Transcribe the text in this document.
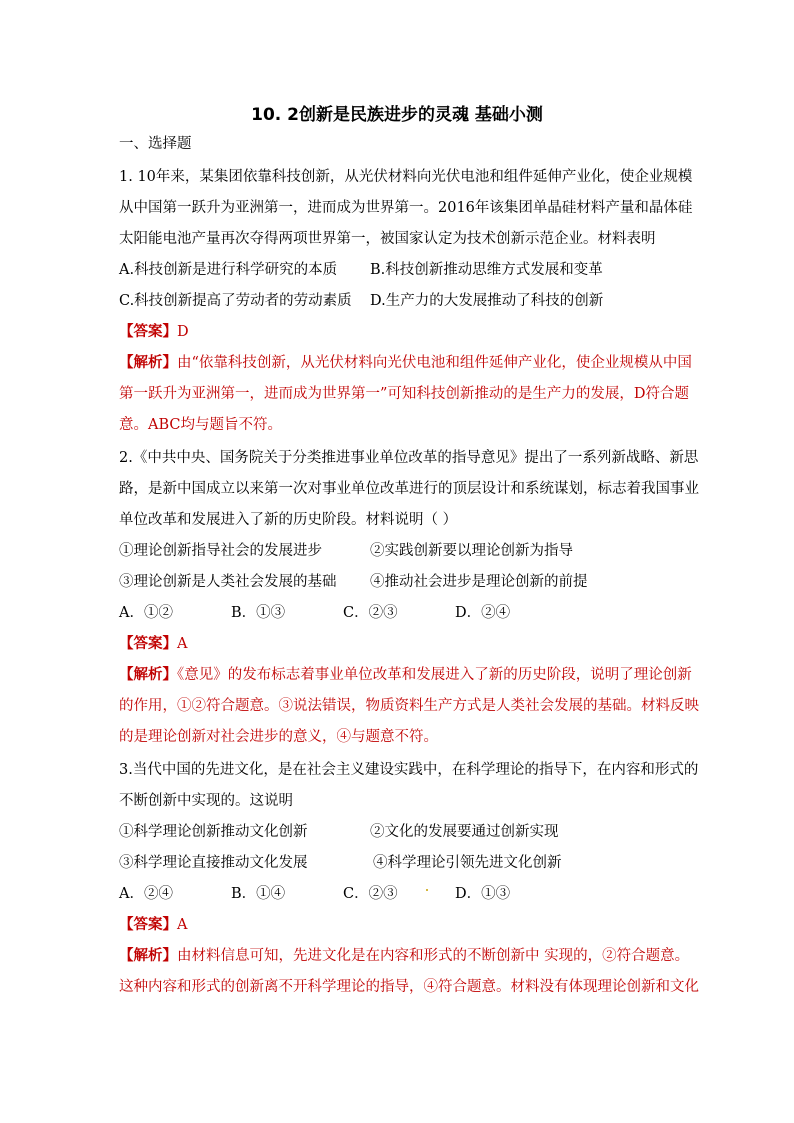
10. 2创新是民族进步的灵魂 基础小测
一、选择题
1. 10年来，某集团依靠科技创新，从光伏材料向光伏电池和组件延伸产业化，使企业规模
从中国第一跃升为亚洲第一，进而成为世界第一。2016年该集团单晶硅材料产量和晶体硅
太阳能电池产量再次夺得两项世界第一，被国家认定为技术创新示范企业。材料表明
A.科技创新是进行科学研究的本质 B.科技创新推动思维方式发展和变革
C.科技创新提高了劳动者的劳动素质 D.生产力的大发展推动了科技的创新
【答案】D
【解析】由“依靠科技创新，从光伏材料向光伏电池和组件延伸产业化，使企业规模从中国
第一跃升为亚洲第一，进而成为世界第一”可知科技创新推动的是生产力的发展，D符合题
意。ABC均与题旨不符。
2.《中共中央、国务院关于分类推进事业单位改革的指导意见》提出了一系列新战略、新思
路，是新中国成立以来第一次对事业单位改革进行的顶层设计和系统谋划，标志着我国事业
单位改革和发展进入了新的历史阶段。材料说明（ ）
①理论创新指导社会的发展进步	②实践创新要以理论创新为指导
③理论创新是人类社会发展的基础 ④推动社会进步是理论创新的前提
A．①②	B．①③	C．②③	D．②④
【答案】A
【解析】《意见》的发布标志着事业单位改革和发展进入了新的历史阶段，说明了理论创新
的作用，①②符合题意。③说法错误，物质资料生产方式是人类社会发展的基础。材料反映
的是理论创新对社会进步的意义，④与题意不符。
3.当代中国的先进文化，是在社会主义建设实践中，在科学理论的指导下，在内容和形式的
不断创新中实现的。这说明
①科学理论创新推动文化创新	②文化的发展要通过创新实现
③科学理论直接推动文化发展	④科学理论引领先进文化创新
A．②④	B．①④	C．②③	D．①③
【答案】A
【解析】由材料信息可知，先进文化是在内容和形式的不断创新中 实现的，②符合题意。
这种内容和形式的创新离不开科学理论的指导，④符合题意。材料没有体现理论创新和文化
